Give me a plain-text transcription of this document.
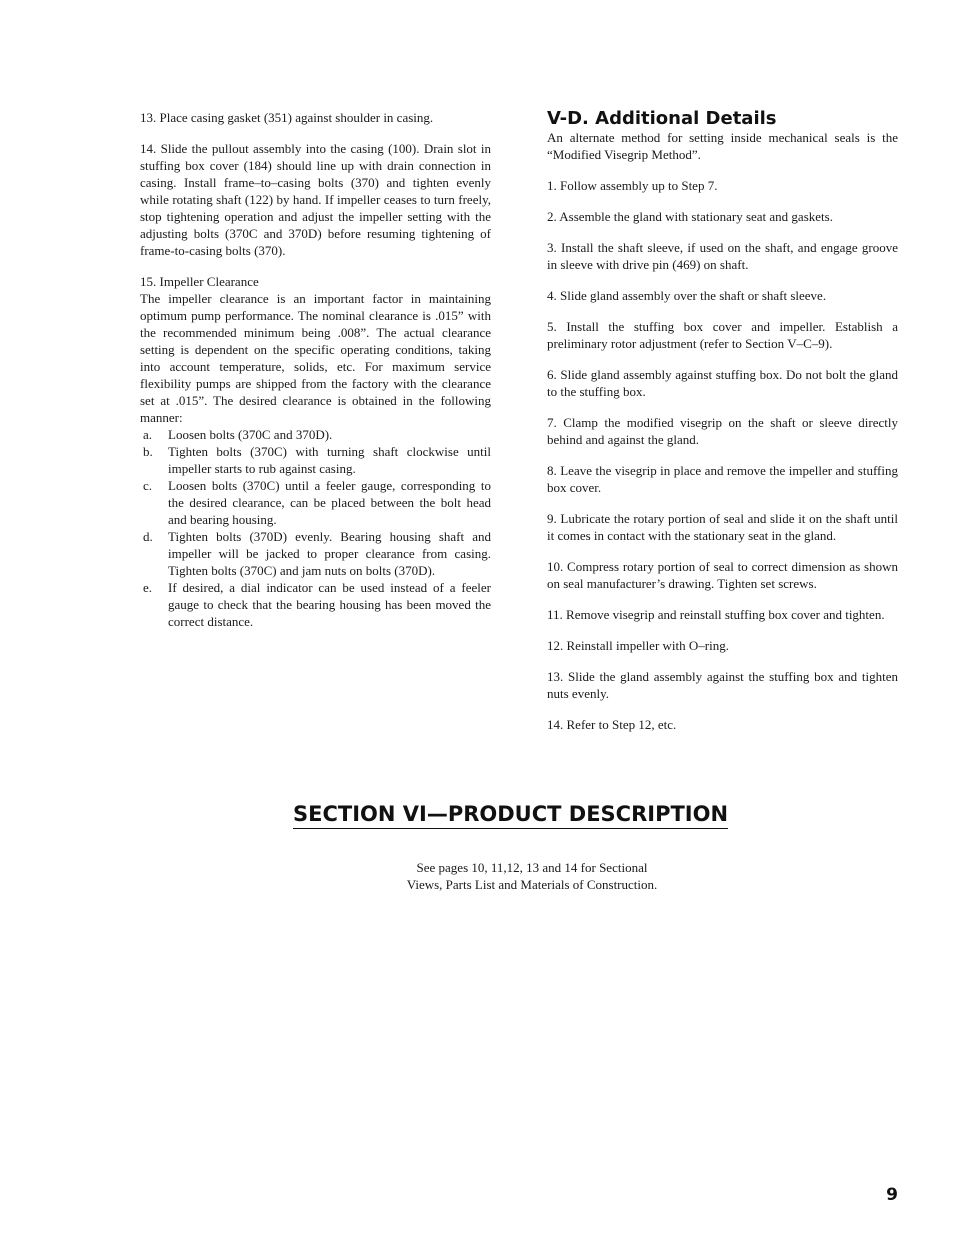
13. Place casing gasket (351) against shoulder in casing.

14. Slide the pullout assembly into the casing (100). Drain slot in stuffing box cover (184) should line up with drain connection in casing. Install frame–to–casing bolts (370) and tighten evenly while rotating shaft (122) by hand. If impeller ceases to turn freely, stop tightening operation and adjust the impeller setting with the adjusting bolts (370C and 370D) before resuming tightening of frame-to-casing bolts (370).

15. Impeller Clearance

The impeller clearance is an important factor in maintaining optimum pump performance. The nominal clearance is .015” with the recommended minimum being .008”. The actual clearance setting is dependent on the specific operating conditions, taking into account temperature, solids, etc. For maximum service flexibility pumps are shipped from the factory with the clearance set at .015”. The desired clearance is obtained in the following manner:

a. Loosen bolts (370C and 370D).
b. Tighten bolts (370C) with turning shaft clockwise until impeller starts to rub against casing.
c. Loosen bolts (370C) until a feeler gauge, corresponding to the desired clearance, can be placed between the bolt head and bearing housing.
d. Tighten bolts (370D) evenly. Bearing housing shaft and impeller will be jacked to proper clearance from casing. Tighten bolts (370C) and jam nuts on bolts (370D).
e. If desired, a dial indicator can be used instead of a feeler gauge to check that the bearing housing has been moved the correct distance.
V-D. Additional Details

An alternate method for setting inside mechanical seals is the “Modified Visegrip Method”.

1. Follow assembly up to Step 7.

2. Assemble the gland with stationary seat and gaskets.

3. Install the shaft sleeve, if used on the shaft, and engage groove in sleeve with drive pin (469) on shaft.

4. Slide gland assembly over the shaft or shaft sleeve.

5. Install the stuffing box cover and impeller. Establish a preliminary rotor adjustment (refer to Section V–C–9).

6. Slide gland assembly against stuffing box. Do not bolt the gland to the stuffing box.

7. Clamp the modified visegrip on the shaft or sleeve directly behind and against the gland.

8. Leave the visegrip in place and remove the impeller and stuffing box cover.

9. Lubricate the rotary portion of seal and slide it on the shaft until it comes in contact with the stationary seat in the gland.

10. Compress rotary portion of seal to correct dimension as shown on seal manufacturer’s drawing. Tighten set screws.

11. Remove visegrip and reinstall stuffing box cover and tighten.

12. Reinstall impeller with O–ring.

13. Slide the gland assembly against the stuffing box and tighten nuts evenly.

14. Refer to Step 12, etc.

SECTION VI—PRODUCT DESCRIPTION
See pages 10, 11,12, 13 and 14 for Sectional
Views, Parts List and Materials of Construction.
9
